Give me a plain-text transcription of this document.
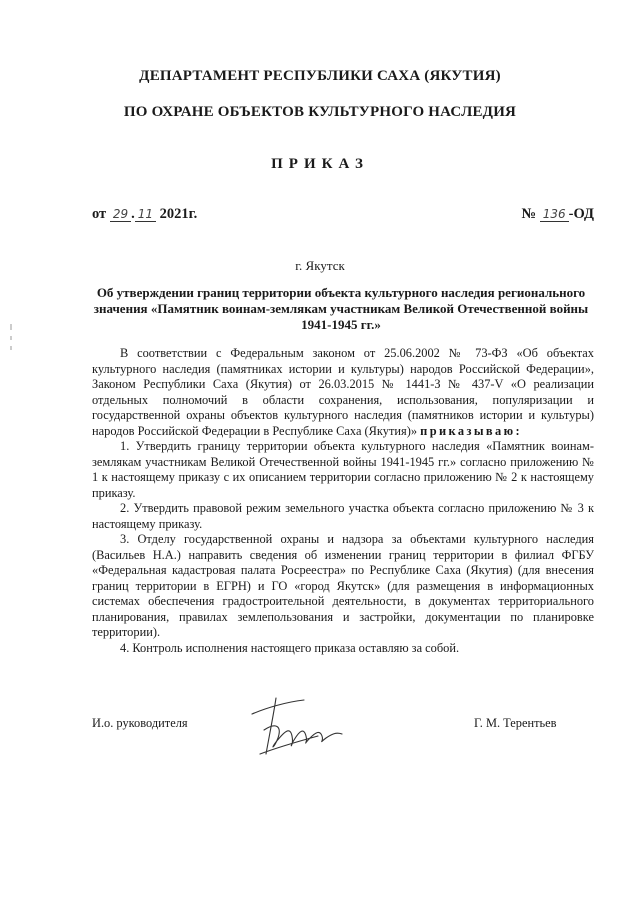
ДЕПАРТАМЕНТ РЕСПУБЛИКИ САХА (ЯКУТИЯ)
ПО ОХРАНЕ ОБЪЕКТОВ КУЛЬТУРНОГО НАСЛЕДИЯ
ПРИКАЗ
от 29 . 11 2021г.	№ 136 -ОД
г. Якутск
Об утверждении границ территории объекта культурного наследия регионального значения «Памятник воинам-землякам участникам Великой Отечественной войны 1941-1945 гг.»

В соответствии с Федеральным законом от 25.06.2002 № 73-ФЗ «Об объектах культурного наследия (памятниках истории и культуры) народов Российской Федерации», Законом Республики Саха (Якутия) от 26.03.2015 № 1441-З № 437-V «О реализации отдельных полномочий в области сохранения, использования, популяризации и государственной охраны объектов культурного наследия (памятников истории и культуры) народов Российской Федерации в Республике Саха (Якутия)» приказываю:

1. Утвердить границу территории объекта культурного наследия «Памятник воинам-землякам участникам Великой Отечественной войны 1941-1945 гг.» согласно приложению № 1 к настоящему приказу с их описанием территории согласно приложению № 2 к настоящему приказу.

2. Утвердить правовой режим земельного участка объекта согласно приложению № 3 к настоящему приказу.

3. Отделу государственной охраны и надзора за объектами культурного наследия (Васильев Н.А.) направить сведения об изменении границ территории в филиал ФГБУ «Федеральная кадастровая палата Росреестра» по Республике Саха (Якутия) (для внесения границ территории в ЕГРН) и ГО «город Якутск» (для размещения в информационных системах обеспечения градостроительной деятельности, в документах территориального планирования, правилах землепользования и застройки, документации по планировке территории).

4. Контроль исполнения настоящего приказа оставляю за собой.

И.о. руководителя	Г. М. Терентьев
